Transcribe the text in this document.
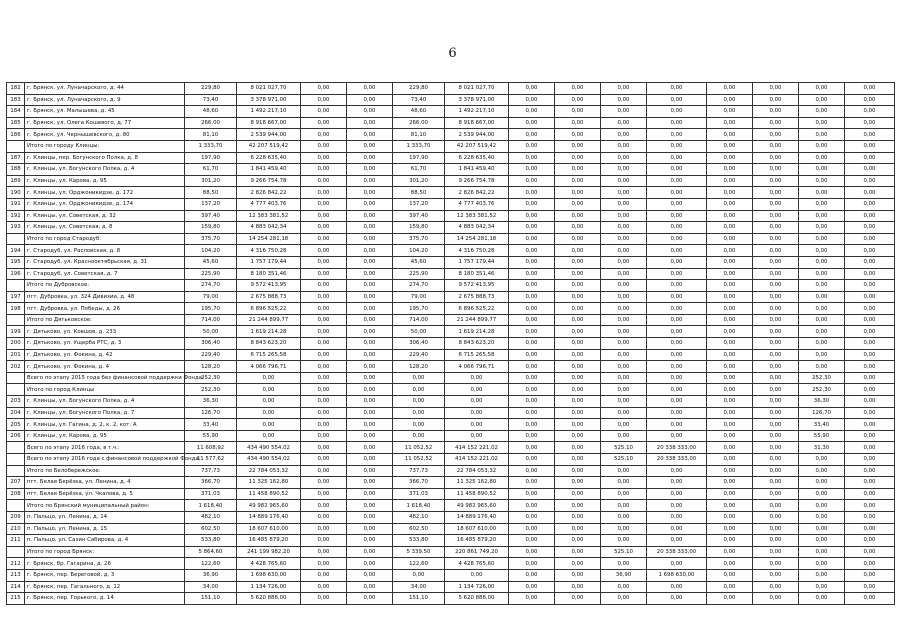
6
182	г. Брянск, ул. Луначарского, д. 44	229,80	8 021 027,70	0,00	0,00	229,80	8 021 027,70	0,00	0,00	0,00	0,00	0,00	0,00	0,00	0,00
183	г. Брянск, ул. Луначарского, д. 9	73,40	3 378 971,00	0,00	0,00	73,40	3 378 971,00	0,00	0,00	0,00	0,00	0,00	0,00	0,00	0,00
184	г. Брянск, ул. Малышева, д. 45	48,60	1 492 217,10	0,00	0,00	48,60	1 492 217,10	0,00	0,00	0,00	0,00	0,00	0,00	0,00	0,00
185	г. Брянск, ул. Олега Кошевого, д. 77	266,00	8 918 667,00	0,00	0,00	266,00	8 918 667,00	0,00	0,00	0,00	0,00	0,00	0,00	0,00	0,00
186	г. Брянск, ул. Чернышевского, д. 80	81,10	2 539 944,00	0,00	0,00	81,10	2 539 944,00	0,00	0,00	0,00	0,00	0,00	0,00	0,00	0,00
	Итого по городу Клинцы:	1 333,70	42 207 519,42	0,00	0,00	1 333,70	42 207 519,42	0,00	0,00	0,00	0,00	0,00	0,00	0,00	0,00
187	г. Клинцы, пер. Богунского Полка, д. 8	197,90	6 228 635,40	0,00	0,00	197,90	6 228 635,40	0,00	0,00	0,00	0,00	0,00	0,00	0,00	0,00
188	г. Клинцы, ул. Богунского Полка, д. 4	61,70	1 841 459,40	0,00	0,00	61,70	1 841 459,40	0,00	0,00	0,00	0,00	0,00	0,00	0,00	0,00
189	г. Клинцы, ул. Карова, д. 95	301,20	9 266 754,78	0,00	0,00	301,20	9 266 754,78	0,00	0,00	0,00	0,00	0,00	0,00	0,00	0,00
190	г. Клинцы, ул. Орджоникидзе, д. 172	88,50	2 826 842,22	0,00	0,00	88,50	2 826 842,22	0,00	0,00	0,00	0,00	0,00	0,00	0,00	0,00
191	г. Клинцы, ул. Орджоникидзе, д. 174	137,20	4 777 403,76	0,00	0,00	137,20	4 777 403,76	0,00	0,00	0,00	0,00	0,00	0,00	0,00	0,00
192	г. Клинцы, ул. Советская, д. 32	397,40	12 383 381,52	0,00	0,00	397,40	12 383 381,52	0,00	0,00	0,00	0,00	0,00	0,00	0,00	0,00
193	г. Клинцы, ул. Советская, д. 8	159,80	4 883 042,34	0,00	0,00	159,80	4 883 042,34	0,00	0,00	0,00	0,00	0,00	0,00	0,00	0,00
	Итого по город Стародуб:	375,70	14 254 281,18	0,00	0,00	375,70	14 254 281,18	0,00	0,00	0,00	0,00	0,00	0,00	0,00	0,00
194	г. Стародуб, ул. Расловская, д. 8	104,20	4 316 750,28	0,00	0,00	104,20	4 316 750,28	0,00	0,00	0,00	0,00	0,00	0,00	0,00	0,00
195	г. Стародуб, ул. Краснооктябрьская, д. 31	45,60	1 757 179,44	0,00	0,00	45,60	1 757 179,44	0,00	0,00	0,00	0,00	0,00	0,00	0,00	0,00
196	г. Стародуб, ул. Советская, д. 7	225,90	8 180 351,46	0,00	0,00	225,90	8 180 351,46	0,00	0,00	0,00	0,00	0,00	0,00	0,00	0,00
	Итого по Дубровское:	274,70	9 572 413,95	0,00	0,00	274,70	9 572 413,95	0,00	0,00	0,00	0,00	0,00	0,00	0,00	0,00
197	пгт. Дубровка, ул. 324 Дивизии, д. 48	79,00	2 675 888,73	0,00	0,00	79,00	2 675 888,73	0,00	0,00	0,00	0,00	0,00	0,00	0,00	0,00
198	пгт. Дубровка, ул. Победы, д. 26	195,70	6 896 525,22	0,00	0,00	195,70	6 896 525,22	0,00	0,00	0,00	0,00	0,00	0,00	0,00	0,00
	Итого по Дятьковское:	714,00	21 244 899,77	0,00	0,00	714,00	21 244 899,77	0,00	0,00	0,00	0,00	0,00	0,00	0,00	0,00
199	г. Дятьково, ул. Ковшов, д. 233	50,00	1 619 214,28	0,00	0,00	50,00	1 619 214,28	0,00	0,00	0,00	0,00	0,00	0,00	0,00	0,00
200	г. Дятьково, ул. Ущерба РТС, д. 3	306,40	8 843 623,20	0,00	0,00	306,40	8 843 623,20	0,00	0,00	0,00	0,00	0,00	0,00	0,00	0,00
201	г. Дятьково, ул. Фокина, д. 42	229,40	6 715 265,58	0,00	0,00	229,40	6 715 265,58	0,00	0,00	0,00	0,00	0,00	0,00	0,00	0,00
202	г. Дятьково, ул. Фокина, д. 4	128,20	4 066 796,71	0,00	0,00	128,20	4 066 796,71	0,00	0,00	0,00	0,00	0,00	0,00	0,00	0,00
	Всего по этапу 2015 года без финансовой поддержки Фонда:	252,30	0,00	0,00	0,00	0,00	0,00	0,00	0,00	0,00	0,00	0,00	0,00	252,30	0,00
	Итого по город Клинцы	252,30	0,00	0,00	0,00	0,00	0,00	0,00	0,00	0,00	0,00	0,00	0,00	252,30	0,00
203	г. Клинцы, ул. Богунского Полка, д. 4	36,30	0,00	0,00	0,00	0,00	0,00	0,00	0,00	0,00	0,00	0,00	0,00	36,30	0,00
204	г. Клинцы, ул. Богунского Полка, д. 7	126,70	0,00	0,00	0,00	0,00	0,00	0,00	0,00	0,00	0,00	0,00	0,00	126,70	0,00
205	г. Клинцы, ул. Гагина, д. 2, к. 2, кот. А	33,40	0,00	0,00	0,00	0,00	0,00	0,00	0,00	0,00	0,00	0,00	0,00	33,40	0,00
206	г. Клинцы, ул. Карова, д. 95	55,90	0,00	0,00	0,00	0,00	0,00	0,00	0,00	0,00	0,00	0,00	0,00	55,90	0,00
	Всего по этапу 2016 года, в т.ч.:	11 608,92	434 490 554,02	0,00	0,00	11 052,52	414 152 221,02	0,00	0,00	525,10	20 338 333,00	0,00	0,00	31,30	0,00
	Всего по этапу 2016 года с финансовой поддержкой Фонда:	11 577,62	434 490 554,02	0,00	0,00	11 052,52	414 152 221,02	0,00	0,00	525,10	20 338 333,00	0,00	0,00	0,00	0,00
	Итого по Белобережское:	737,73	22 784 053,32	0,00	0,00	737,73	22 784 053,32	0,00	0,00	0,00	0,00	0,00	0,00	0,00	0,00
207	пгт. Белая Берёзка, ул. Ленина, д. 4	366,70	11 325 162,80	0,00	0,00	366,70	11 325 162,80	0,00	0,00	0,00	0,00	0,00	0,00	0,00	0,00
208	пгт. Белая Берёзка, ул. Чкалова, д. 5	371,03	11 458 890,52	0,00	0,00	371,03	11 458 890,52	0,00	0,00	0,00	0,00	0,00	0,00	0,00	0,00
	Итого по Брянский муниципальный район:	1 618,40	49 982 965,60	0,00	0,00	1 618,40	49 982 965,60	0,00	0,00	0,00	0,00	0,00	0,00	0,00	0,00
209	п. Пальцо, ул. Ленина, д. 14	482,10	14 889 176,40	0,00	0,00	482,10	14 889 176,40	0,00	0,00	0,00	0,00	0,00	0,00	0,00	0,00
210	п. Пальцо, ул. Ленина, д. 15	602,50	18 607 610,00	0,00	0,00	602,50	18 607 610,00	0,00	0,00	0,00	0,00	0,00	0,00	0,00	0,00
211	п. Пальцо, ул. Сазин Сабирова, д. 4	533,80	16 485 879,20	0,00	0,00	533,80	16 485 879,20	0,00	0,00	0,00	0,00	0,00	0,00	0,00	0,00
	Итого по город Брянск:	5 864,60	241 199 982,20	0,00	0,00	5 339,50	220 861 749,20	0,00	0,00	525,10	20 338 333,00	0,00	0,00	0,00	0,00
212	г. Брянск, бр. Гагарина, д. 26	122,60	4 428 765,60	0,00	0,00	122,60	4 428 765,60	0,00	0,00	0,00	0,00	0,00	0,00	0,00	0,00
213	г. Брянск, пер. Береговой, д. 3	36,90	1 698 630,00	0,00	0,00	0,00	0,00	0,00	0,00	36,90	1 698 630,00	0,00	0,00	0,00	0,00
214	г. Брянск, пер. Гагального, д. 12	34,00	1 134 726,00	0,00	0,00	34,00	1 134 726,00	0,00	0,00	0,00	0,00	0,00	0,00	0,00	0,00
215	г. Брянск, пер. Горького, д. 14	151,10	5 620 888,00	0,00	0,00	151,10	5 620 888,00	0,00	0,00	0,00	0,00	0,00	0,00	0,00	0,00
